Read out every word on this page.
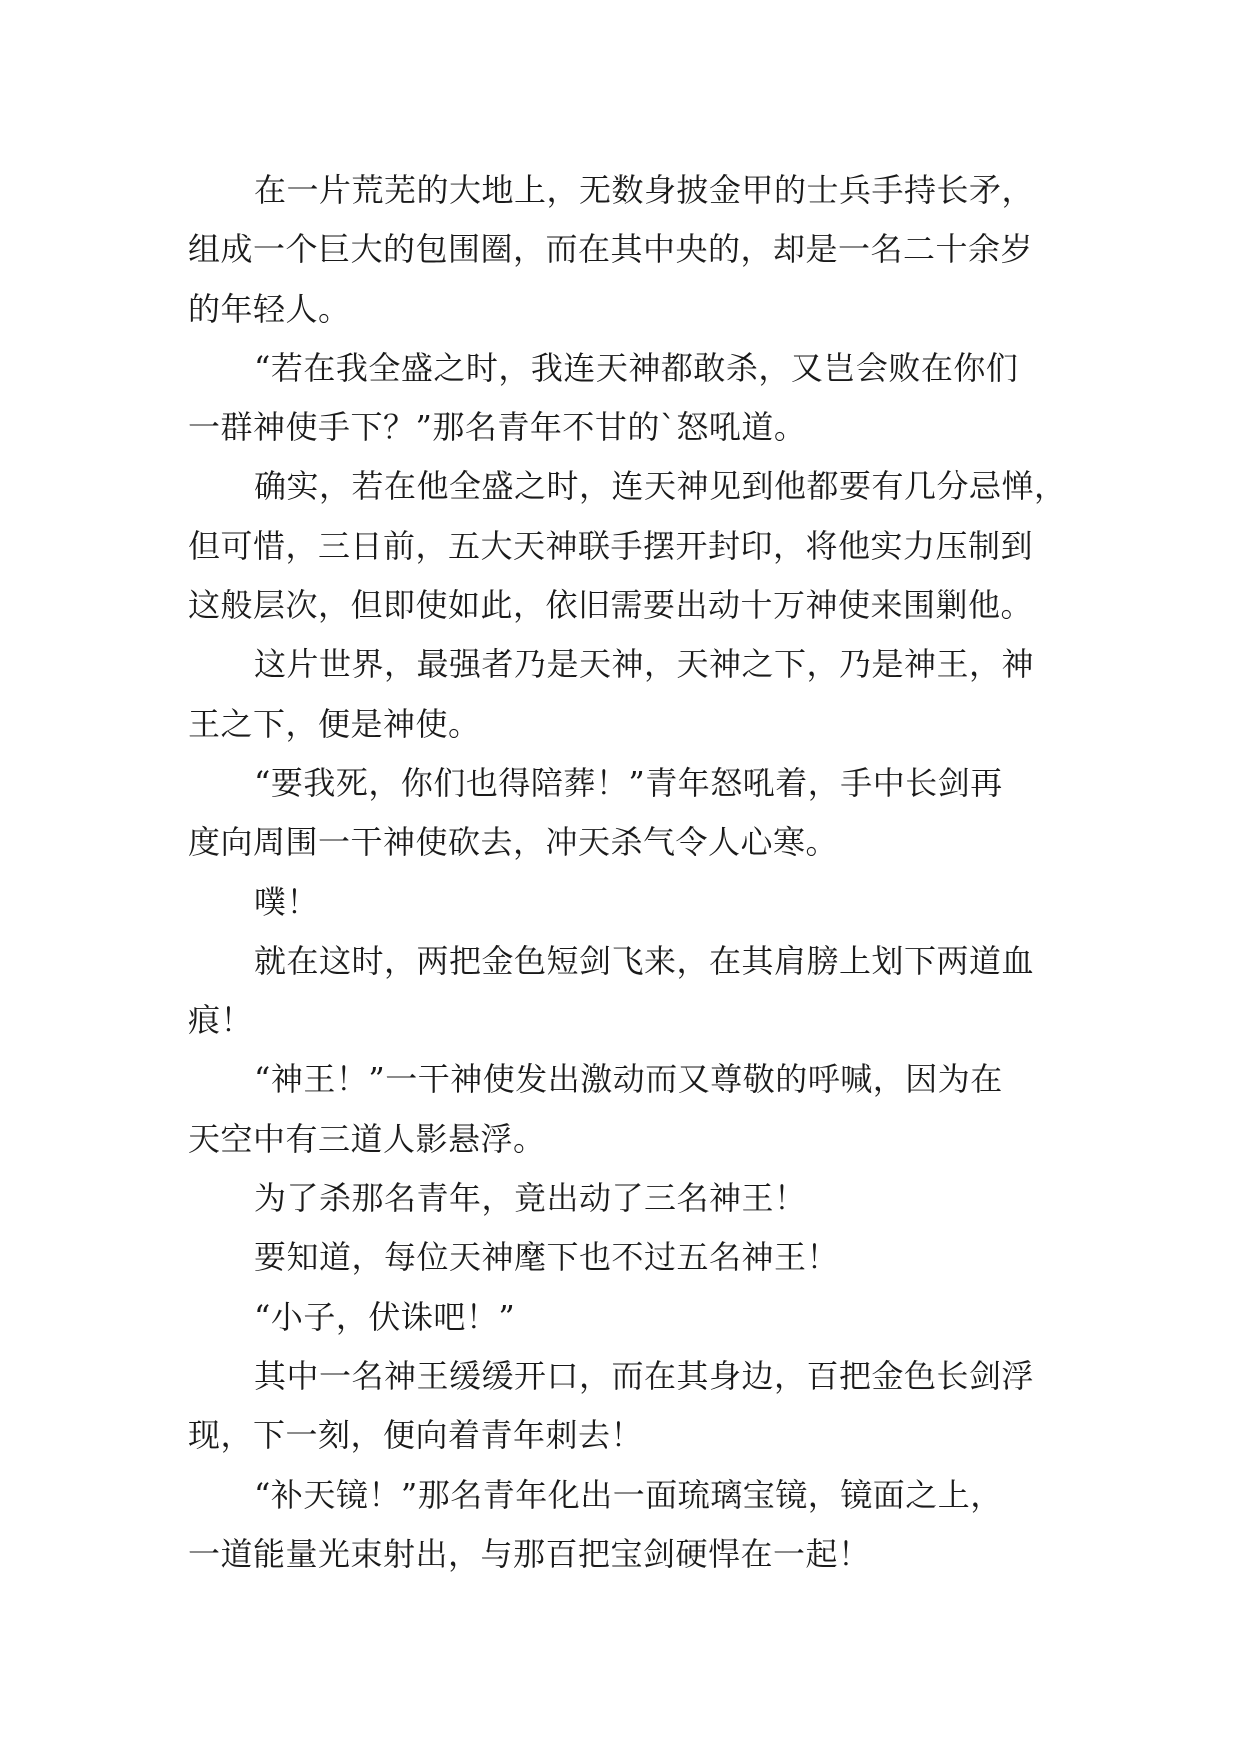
在一片荒芜的大地上，无数身披金甲的士兵手持长矛，
组成一个巨大的包围圈，而在其中央的，却是一名二十余岁
的年轻人。
“若在我全盛之时，我连天神都敢杀，又岂会败在你们
一群神使手下？”那名青年不甘的`怒吼道。
确实，若在他全盛之时，连天神见到他都要有几分忌惮，
但可惜，三日前，五大天神联手摆开封印，将他实力压制到
这般层次，但即使如此，依旧需要出动十万神使来围剿他。
这片世界，最强者乃是天神，天神之下，乃是神王，神
王之下，便是神使。
“要我死，你们也得陪葬！”青年怒吼着，手中长剑再
度向周围一干神使砍去，冲天杀气令人心寒。
噗！
就在这时，两把金色短剑飞来，在其肩膀上划下两道血
痕！
“神王！”一干神使发出激动而又尊敬的呼喊，因为在
天空中有三道人影悬浮。
为了杀那名青年，竟出动了三名神王！
要知道，每位天神麾下也不过五名神王！
“小子，伏诛吧！”
其中一名神王缓缓开口，而在其身边，百把金色长剑浮
现，下一刻，便向着青年刺去！
“补天镜！”那名青年化出一面琉璃宝镜，镜面之上，
一道能量光束射出，与那百把宝剑硬悍在一起！
